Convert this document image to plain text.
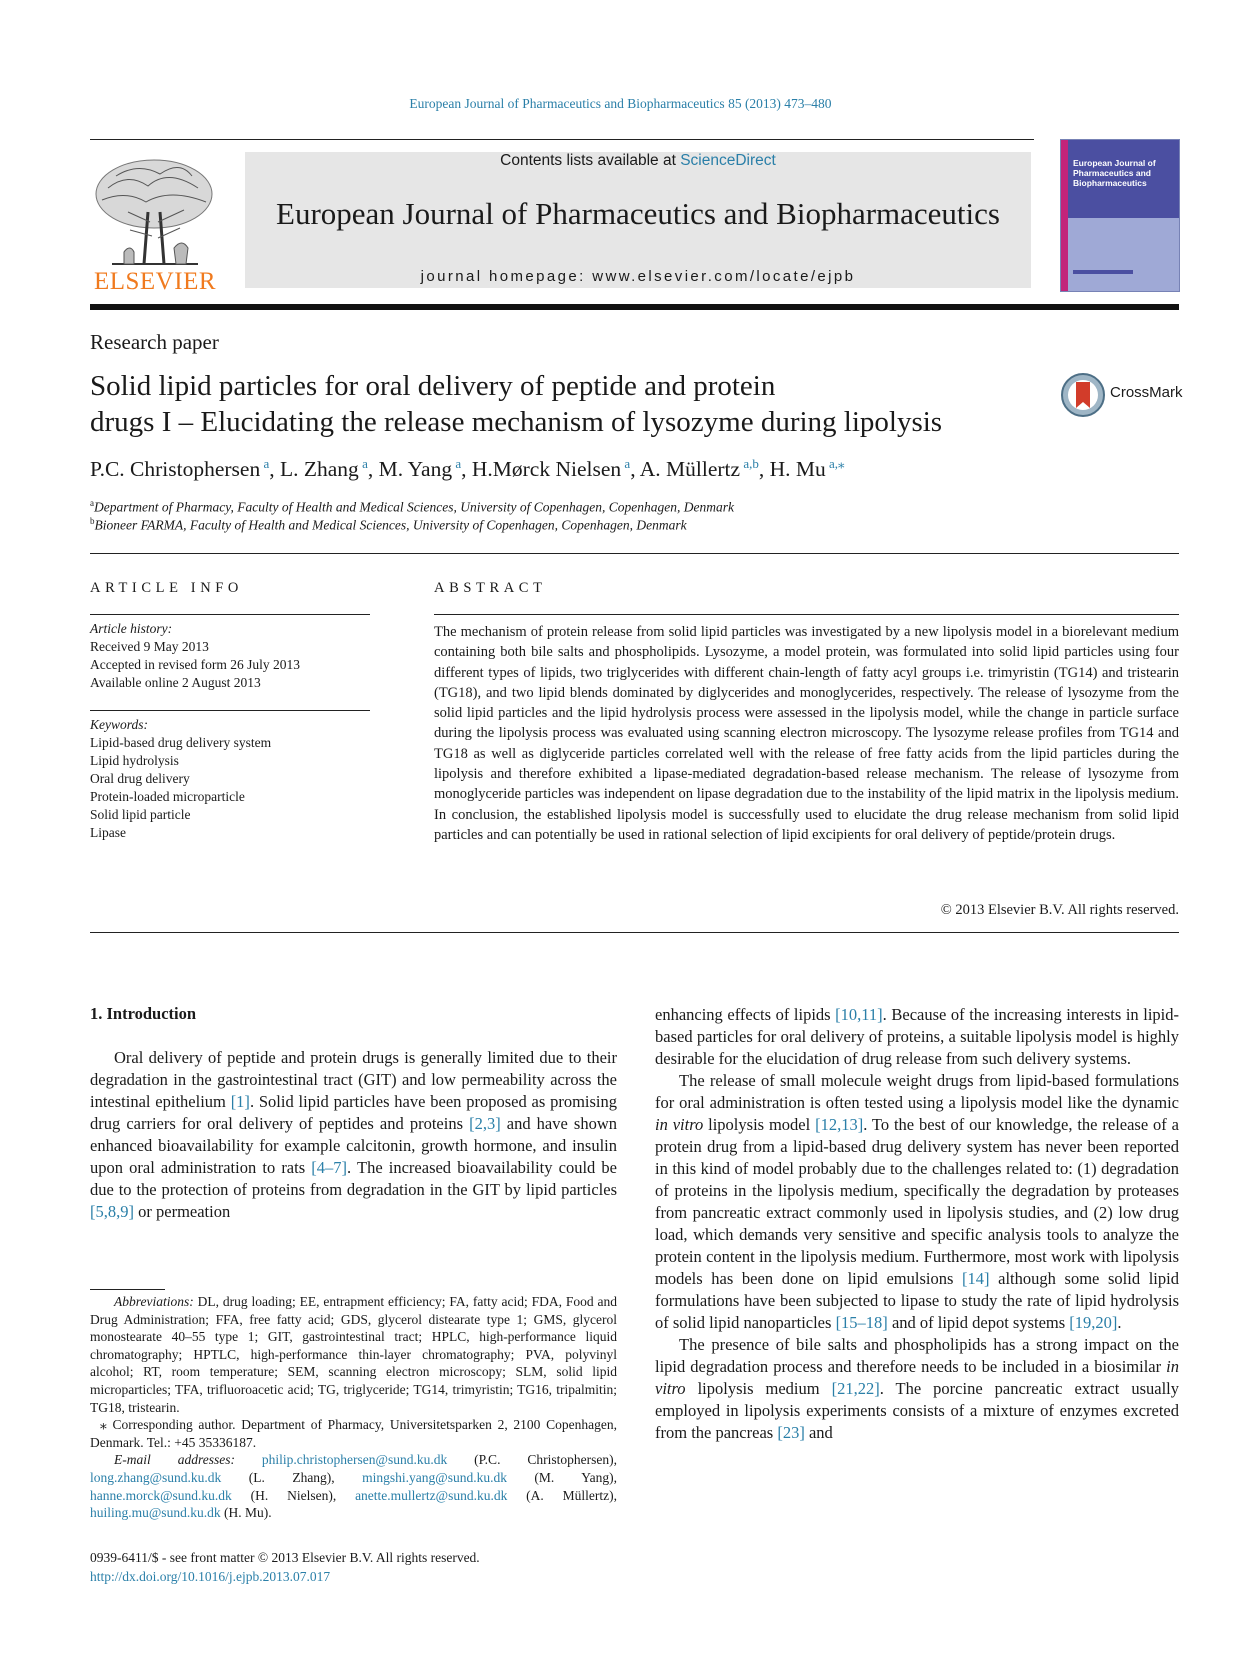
European Journal of Pharmaceutics and Biopharmaceutics 85 (2013) 473–480
ELSEVIER
Contents lists available at ScienceDirect
European Journal of Pharmaceutics and Biopharmaceutics
journal homepage: www.elsevier.com/locate/ejpb
European Journal of Pharmaceutics and Biopharmaceutics
Research paper
Solid lipid particles for oral delivery of peptide and protein
drugs I – Elucidating the release mechanism of lysozyme during lipolysis
CrossMark
P.C. Christophersen $^a$, L. Zhang $^a$, M. Yang $^a$, H.Mørck Nielsen $^a$, A. Müllertz $^{a,b}$, H. Mu $^{a,⁎}$
$^a$Department of Pharmacy, Faculty of Health and Medical Sciences, University of Copenhagen, Copenhagen, Denmark
$^b$Bioneer FARMA, Faculty of Health and Medical Sciences, University of Copenhagen, Copenhagen, Denmark
ARTICLE INFO
Article history:
Received 9 May 2013
Accepted in revised form 26 July 2013
Available online 2 August 2013
Keywords:
Lipid-based drug delivery system
Lipid hydrolysis
Oral drug delivery
Protein-loaded microparticle
Solid lipid particle
Lipase
ABSTRACT
The mechanism of protein release from solid lipid particles was investigated by a new lipolysis model in a biorelevant medium containing both bile salts and phospholipids. Lysozyme, a model protein, was formulated into solid lipid particles using four different types of lipids, two triglycerides with different chain-length of fatty acyl groups i.e. trimyristin (TG14) and tristearin (TG18), and two lipid blends dominated by diglycerides and monoglycerides, respectively. The release of lysozyme from the solid lipid particles and the lipid hydrolysis process were assessed in the lipolysis model, while the change in particle surface during the lipolysis process was evaluated using scanning electron microscopy. The lysozyme release profiles from TG14 and TG18 as well as diglyceride particles correlated well with the release of free fatty acids from the lipid particles during the lipolysis and therefore exhibited a lipase-mediated degradation-based release mechanism. The release of lysozyme from monoglyceride particles was independent on lipase degradation due to the instability of the lipid matrix in the lipolysis medium. In conclusion, the established lipolysis model is successfully used to elucidate the drug release mechanism from solid lipid particles and can potentially be used in rational selection of lipid excipients for oral delivery of peptide/protein drugs.
© 2013 Elsevier B.V. All rights reserved.
1. Introduction

Oral delivery of peptide and protein drugs is generally limited due to their degradation in the gastrointestinal tract (GIT) and low permeability across the intestinal epithelium [1]. Solid lipid particles have been proposed as promising drug carriers for oral delivery of peptides and proteins [2,3] and have shown enhanced bioavailability for example calcitonin, growth hormone, and insulin upon oral administration to rats [4–7]. The increased bioavailability could be due to the protection of proteins from degradation in the GIT by lipid particles [5,8,9] or permeation

Abbreviations: DL, drug loading; EE, entrapment efficiency; FA, fatty acid; FDA, Food and Drug Administration; FFA, free fatty acid; GDS, glycerol distearate type 1; GMS, glycerol monostearate 40–55 type 1; GIT, gastrointestinal tract; HPLC, high-performance liquid chromatography; HPTLC, high-performance thin-layer chromatography; PVA, polyvinyl alcohol; RT, room temperature; SEM, scanning electron microscopy; SLM, solid lipid microparticles; TFA, trifluoroacetic acid; TG, triglyceride; TG14, trimyristin; TG16, tripalmitin; TG18, tristearin.

⁎ Corresponding author. Department of Pharmacy, Universitetsparken 2, 2100 Copenhagen, Denmark. Tel.: +45 35336187.

E-mail addresses: philip.christophersen@sund.ku.dk (P.C. Christophersen), long.zhang@sund.ku.dk (L. Zhang), mingshi.yang@sund.ku.dk (M. Yang), hanne.morck@sund.ku.dk (H. Nielsen), anette.mullertz@sund.ku.dk (A. Müllertz), huiling.mu@sund.ku.dk (H. Mu).

0939-6411/$ - see front matter © 2013 Elsevier B.V. All rights reserved.
http://dx.doi.org/10.1016/j.ejpb.2013.07.017

enhancing effects of lipids [10,11]. Because of the increasing interests in lipid-based particles for oral delivery of proteins, a suitable lipolysis model is highly desirable for the elucidation of drug release from such delivery systems.

The release of small molecule weight drugs from lipid-based formulations for oral administration is often tested using a lipolysis model like the dynamic in vitro lipolysis model [12,13]. To the best of our knowledge, the release of a protein drug from a lipid-based drug delivery system has never been reported in this kind of model probably due to the challenges related to: (1) degradation of proteins in the lipolysis medium, specifically the degradation by proteases from pancreatic extract commonly used in lipolysis studies, and (2) low drug load, which demands very sensitive and specific analysis tools to analyze the protein content in the lipolysis medium. Furthermore, most work with lipolysis models has been done on lipid emulsions [14] although some solid lipid formulations have been subjected to lipase to study the rate of lipid hydrolysis of solid lipid nanoparticles [15–18] and of lipid depot systems [19,20].

The presence of bile salts and phospholipids has a strong impact on the lipid degradation process and therefore needs to be included in a biosimilar in vitro lipolysis medium [21,22]. The porcine pancreatic extract usually employed in lipolysis experiments consists of a mixture of enzymes excreted from the pancreas [23] and
